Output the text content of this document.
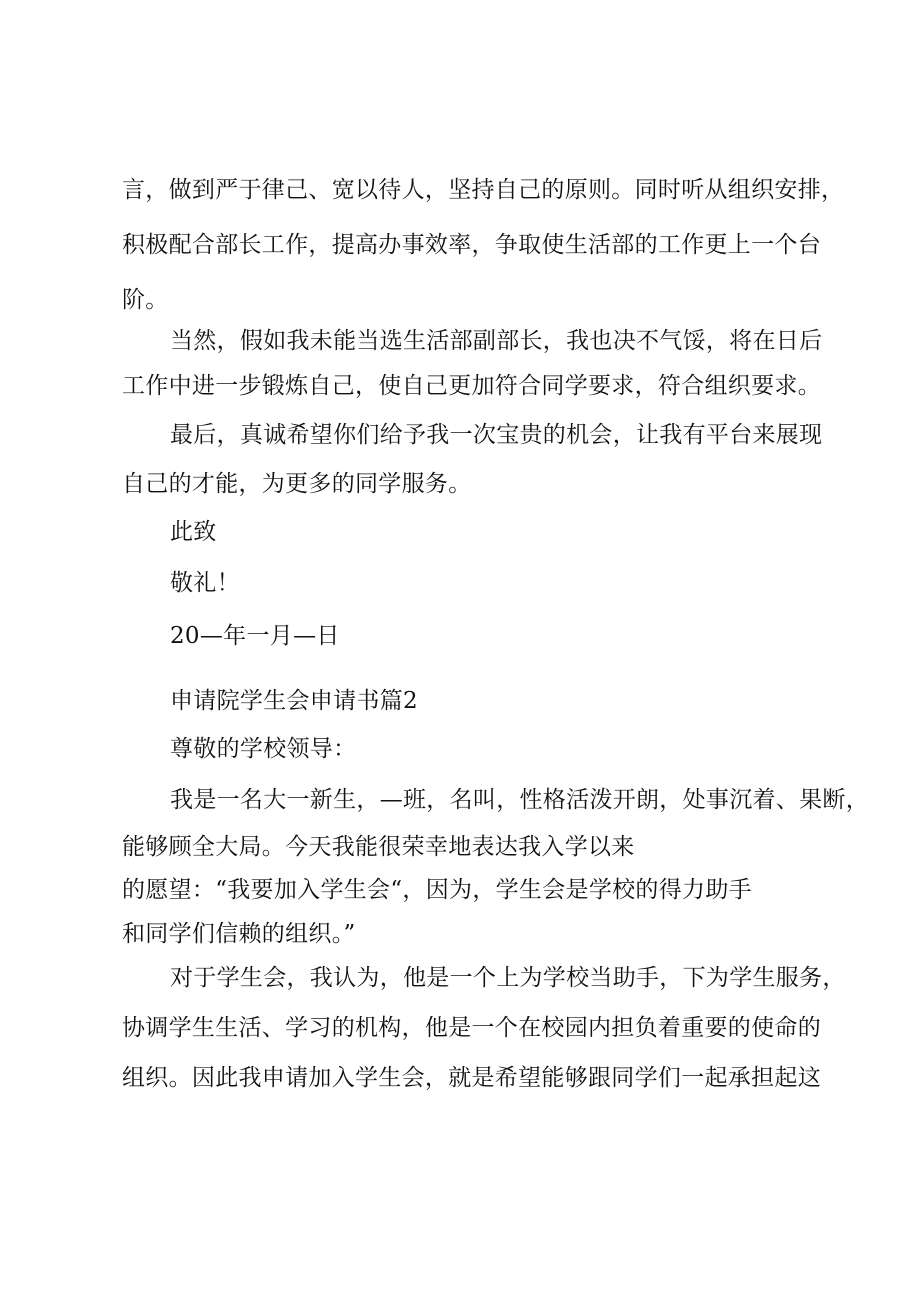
言，做到严于律己、宽以待人，坚持自己的原则。同时听从组织安排，
积极配合部长工作，提高办事效率，争取使生活部的工作更上一个台
阶。
当然，假如我未能当选生活部副部长，我也决不气馁，将在日后
工作中进一步锻炼自己，使自己更加符合同学要求，符合组织要求。
最后，真诚希望你们给予我一次宝贵的机会，让我有平台来展现
自己的才能，为更多的同学服务。
此致
敬礼！
20—年一月—日
申请院学生会申请书篇2
尊敬的学校领导：
我是一名大一新生，—班，名叫，性格活泼开朗，处事沉着、果断，
能够顾全大局。今天我能很荣幸地表达我入学以来
的愿望：“我要加入学生会“，因为，学生会是学校的得力助手
和同学们信赖的组织。”
对于学生会，我认为，他是一个上为学校当助手，下为学生服务，
协调学生生活、学习的机构，他是一个在校园内担负着重要的使命的
组织。因此我申请加入学生会，就是希望能够跟同学们一起承担起这
